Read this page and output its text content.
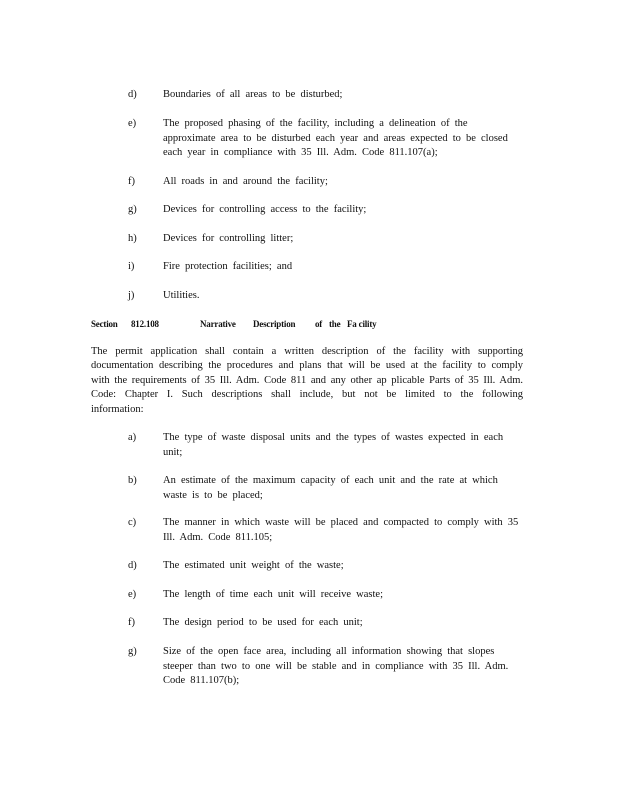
d)	Boundaries of all areas to be disturbed;
e)	The proposed phasing of the facility, including a delineation of the approximate area to be disturbed each year and areas expected to be closed each year in compliance with 35 Ill. Adm. Code 811.107(a);
f)	All roads in and around the facility;
g)	Devices for controlling access to the facility;
h)	Devices for controlling litter;
i)	Fire protection facilities; and
j)	Utilities.
Section 812.108	Narrative Description of the Fa cility
The permit application shall contain a written description of the facility with supporting documentation describing the procedures and plans that will be used at the facility to comply with the requirements of 35 Ill. Adm. Code 811 and any other ap plicable Parts of 35 Ill. Adm. Code: Chapter I. Such descriptions shall include, but not be limited to the following information:
a)	The type of waste disposal units and the types of wastes expected in each unit;
b)	An estimate of the maximum capacity of each unit and the rate at which waste is to be placed;
c)	The manner in which waste will be placed and compacted to comply with 35 Ill. Adm. Code 811.105;
d)	The estimated unit weight of the waste;
e)	The length of time each unit will receive waste;
f)	The design period to be used for each unit;
g)	Size of the open face area, including all information showing that slopes steeper than two to one will be stable and in compliance with 35 Ill. Adm. Code 811.107(b);
